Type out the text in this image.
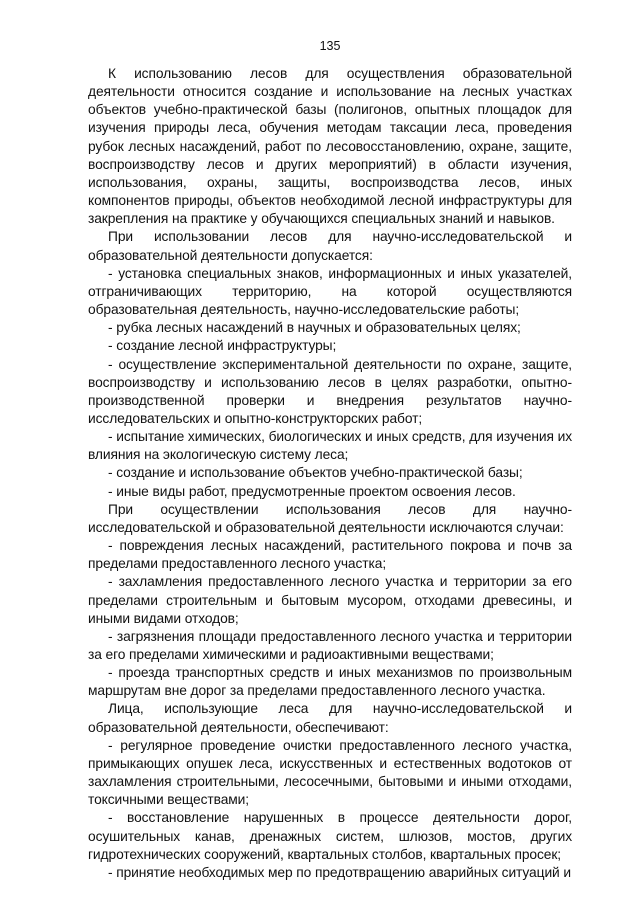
135

К использованию лесов для осуществления образовательной деятельности относится создание и использование на лесных участках объектов учебно-практической базы (полигонов, опытных площадок для изучения природы леса, обучения методам таксации леса, проведения рубок лесных насаждений, работ по лесовосстановлению, охране, защите, воспроизводству лесов и других мероприятий) в области изучения, использования, охраны, защиты, воспроизводства лесов, иных компонентов природы, объектов необходимой лесной инфраструктуры для закрепления на практике у обучающихся специальных знаний и навыков.

При использовании лесов для научно-исследовательской и образовательной деятельности допускается:

- установка специальных знаков, информационных и иных указателей, отграничивающих территорию, на которой осуществляются образовательная деятельность, научно-исследовательские работы;

- рубка лесных насаждений в научных и образовательных целях;

- создание лесной инфраструктуры;

- осуществление экспериментальной деятельности по охране, защите, воспроизводству и использованию лесов в целях разработки, опытно-производственной проверки и внедрения результатов научно-исследовательских и опытно-конструкторских работ;

- испытание химических, биологических и иных средств, для изучения их влияния на экологическую систему леса;

- создание и использование объектов учебно-практической базы;

- иные виды работ, предусмотренные проектом освоения лесов.

При осуществлении использования лесов для научно-исследовательской и образовательной деятельности исключаются случаи:

- повреждения лесных насаждений, растительного покрова и почв за пределами предоставленного лесного участка;

- захламления предоставленного лесного участка и территории за его пределами строительным и бытовым мусором, отходами древесины, и иными видами отходов;

- загрязнения площади предоставленного лесного участка и территории за его пределами химическими и радиоактивными веществами;

- проезда транспортных средств и иных механизмов по произвольным маршрутам вне дорог за пределами предоставленного лесного участка.

Лица, использующие леса для научно-исследовательской и образовательной деятельности, обеспечивают:

- регулярное проведение очистки предоставленного лесного участка, примыкающих опушек леса, искусственных и естественных водотоков от захламления строительными, лесосечными, бытовыми и иными отходами, токсичными веществами;

- восстановление нарушенных в процессе деятельности дорог, осушительных канав, дренажных систем, шлюзов, мостов, других гидротехнических сооружений, квартальных столбов, квартальных просек;

- принятие необходимых мер по предотвращению аварийных ситуаций и
